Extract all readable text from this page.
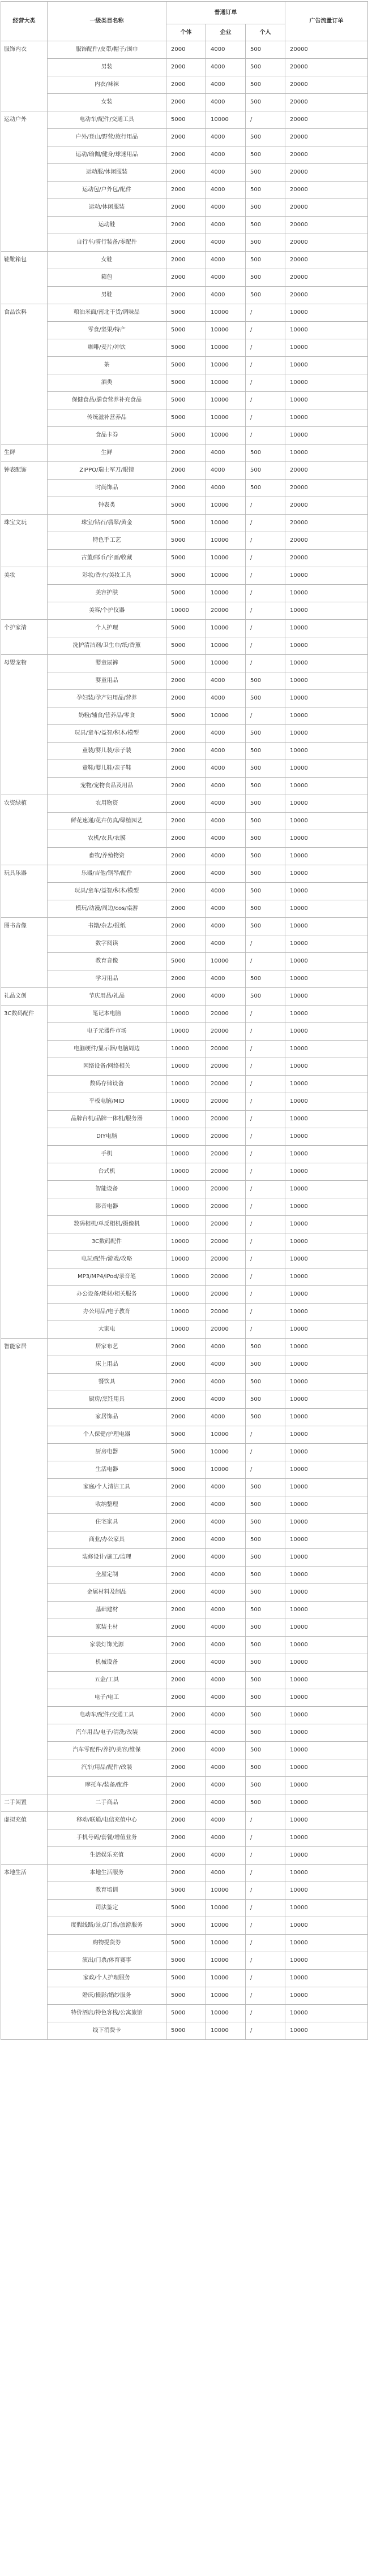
经营大类	一级类目名称	普通订单			广告流量订单
		个体	企业	个人	
服饰内衣	服饰配件/皮带/帽子/围巾	2000	4000	500	20000
	男装	2000	4000	500	20000
	内衣/袜袜	2000	4000	500	20000
	女装	2000	4000	500	20000
运动户外	电动车/配件/交通工具	5000	10000	/	20000
	户外/登山/野营/旅行用品	2000	4000	500	20000
	运动/瑜伽/健身/球迷用品	2000	4000	500	20000
	运动服/休闲服装	2000	4000	500	20000
	运动包/户外包/配件	2000	4000	500	20000
	运动/休闲服装	2000	4000	500	20000
	运动鞋	2000	4000	500	20000
	自行车/骑行装备/零配件	2000	4000	500	20000
鞋靴箱包	女鞋	2000	4000	500	20000
	箱包	2000	4000	500	20000
	男鞋	2000	4000	500	20000
食品饮料	粮油米面/南北干货/调味品	5000	10000	/	10000
	零食/坚果/特产	5000	10000	/	10000
	咖啡/麦片/冲饮	5000	10000	/	10000
	茶	5000	10000	/	10000
	酒类	5000	10000	/	10000
	保健食品/膳食营养补充食品	5000	10000	/	10000
	传统滋补营养品	5000	10000	/	10000
	食品卡券	5000	10000	/	10000
生鲜	生鲜	2000	4000	500	10000
钟表配饰	ZIPPO/瑞士军刀/眼镜	2000	4000	500	20000
	时尚饰品	2000	4000	500	20000
	钟表类	5000	10000	/	20000
珠宝文玩	珠宝/钻石/翡翠/黄金	5000	10000	/	20000
	特色手工艺	5000	10000	/	20000
	古董/邮币/字画/收藏	5000	10000	/	20000
美妆	彩妆/香水/美妆工具	5000	10000	/	10000
	美容护肤	5000	10000	/	10000
	美容/个护仪器	10000	20000	/	10000
个护家清	个人护理	5000	10000	/	10000
	洗护清洁剂/卫生巾/纸/香薰	5000	10000	/	10000
母婴宠物	婴童尿裤	5000	10000	/	10000
	婴童用品	2000	4000	500	10000
	孕妇装/孕产妇用品/营养	2000	4000	500	10000
	奶粉/辅食/营养品/零食	5000	10000	/	10000
	玩具/童车/益智/积木/模型	2000	4000	500	10000
	童装/婴儿装/亲子装	2000	4000	500	10000
	童鞋/婴儿鞋/亲子鞋	2000	4000	500	10000
	宠物/宠物食品及用品	2000	4000	500	10000
农资绿植	农用物资	2000	4000	500	10000
	鲜花速递/花卉仿真/绿植园艺	2000	4000	500	10000
	农机/农具/农膜	2000	4000	500	10000
	畜牧/养殖物资	2000	4000	500	10000
玩具乐器	乐器/吉他/钢琴/配件	2000	4000	500	10000
	玩具/童车/益智/积木/模型	2000	4000	500	10000
	模玩/动漫/周边/cos/桌游	2000	4000	500	10000
图书音像	书籍/杂志/报纸	2000	4000	500	10000
	数字阅读	2000	4000	/	10000
	教育音像	5000	10000	/	10000
	学习用品	2000	4000	500	10000
礼品文创	节庆用品/礼品	2000	4000	500	10000
3C数码配件	笔记本电脑	10000	20000	/	10000
	电子元器件市场	10000	20000	/	10000
	电脑硬件/显示器/电脑周边	10000	20000	/	10000
	网络设备/网络相关	10000	20000	/	10000
	数码存储设备	10000	20000	/	10000
	平板电脑/MID	10000	20000	/	10000
	品牌台机/品牌一体机/服务器	10000	20000	/	10000
	DIY电脑	10000	20000	/	10000
	手机	10000	20000	/	10000
	台式机	10000	20000	/	10000
	智能设备	10000	20000	/	10000
	影音电器	10000	20000	/	10000
	数码相机/单反相机/摄像机	10000	20000	/	10000
	3C数码配件	10000	20000	/	10000
	电玩/配件/游戏/攻略	10000	20000	/	10000
	MP3/MP4/iPod/录音笔	10000	20000	/	10000
	办公设备/耗材/相关服务	10000	20000	/	10000
	办公用品/电子教育	10000	20000	/	10000
	大家电	10000	20000	/	10000
智能家居	居家布艺	2000	4000	500	10000
	床上用品	2000	4000	500	10000
	餐饮具	2000	4000	500	10000
	厨房/烹饪用具	2000	4000	500	10000
	家居饰品	2000	4000	500	10000
	个人保健/护理电器	5000	10000	/	10000
	厨房电器	5000	10000	/	10000
	生活电器	5000	10000	/	10000
	家庭/个人清洁工具	2000	4000	500	10000
	收纳整理	2000	4000	500	10000
	住宅家具	2000	4000	500	10000
	商业/办公家具	2000	4000	500	10000
	装修设计/施工/监理	2000	4000	500	10000
	全屋定制	2000	4000	500	10000
	金属材料及制品	2000	4000	500	10000
	基础建材	2000	4000	500	10000
	家装主材	2000	4000	500	10000
	家装灯饰光源	2000	4000	500	10000
	机械设备	2000	4000	500	10000
	五金/工具	2000	4000	500	10000
	电子/电工	2000	4000	500	10000
	电动车/配件/交通工具	2000	4000	500	10000
	汽车用品/电子/清洗/改装	2000	4000	500	10000
	汽车零配件/养护/美容/维保	2000	4000	500	10000
	汽车/用品/配件/改装	2000	4000	500	10000
	摩托车/装备/配件	2000	4000	500	10000
二手闲置	二手商品	2000	4000	500	10000
虚拟充值	移动/联通/电信充值中心	2000	4000	/	10000
	手机号码/套餐/增值业务	2000	4000	/	10000
	生活娱乐充值	2000	4000	/	10000
本地生活	本地生活服务	2000	4000	/	10000
	教育培训	5000	10000	/	10000
	司法鉴定	5000	10000	/	10000
	度假线路/景点门票/旅游服务	5000	10000	/	10000
	购物提货券	5000	10000	/	10000
	演出/门票/体育赛事	5000	10000	/	10000
	家政/个人护理服务	5000	10000	/	10000
	婚庆/摄影/婚纱服务	5000	10000	/	10000
	特价酒店/特色客栈/公寓旅馆	5000	10000	/	10000
	线下消费卡	5000	10000	/	10000
